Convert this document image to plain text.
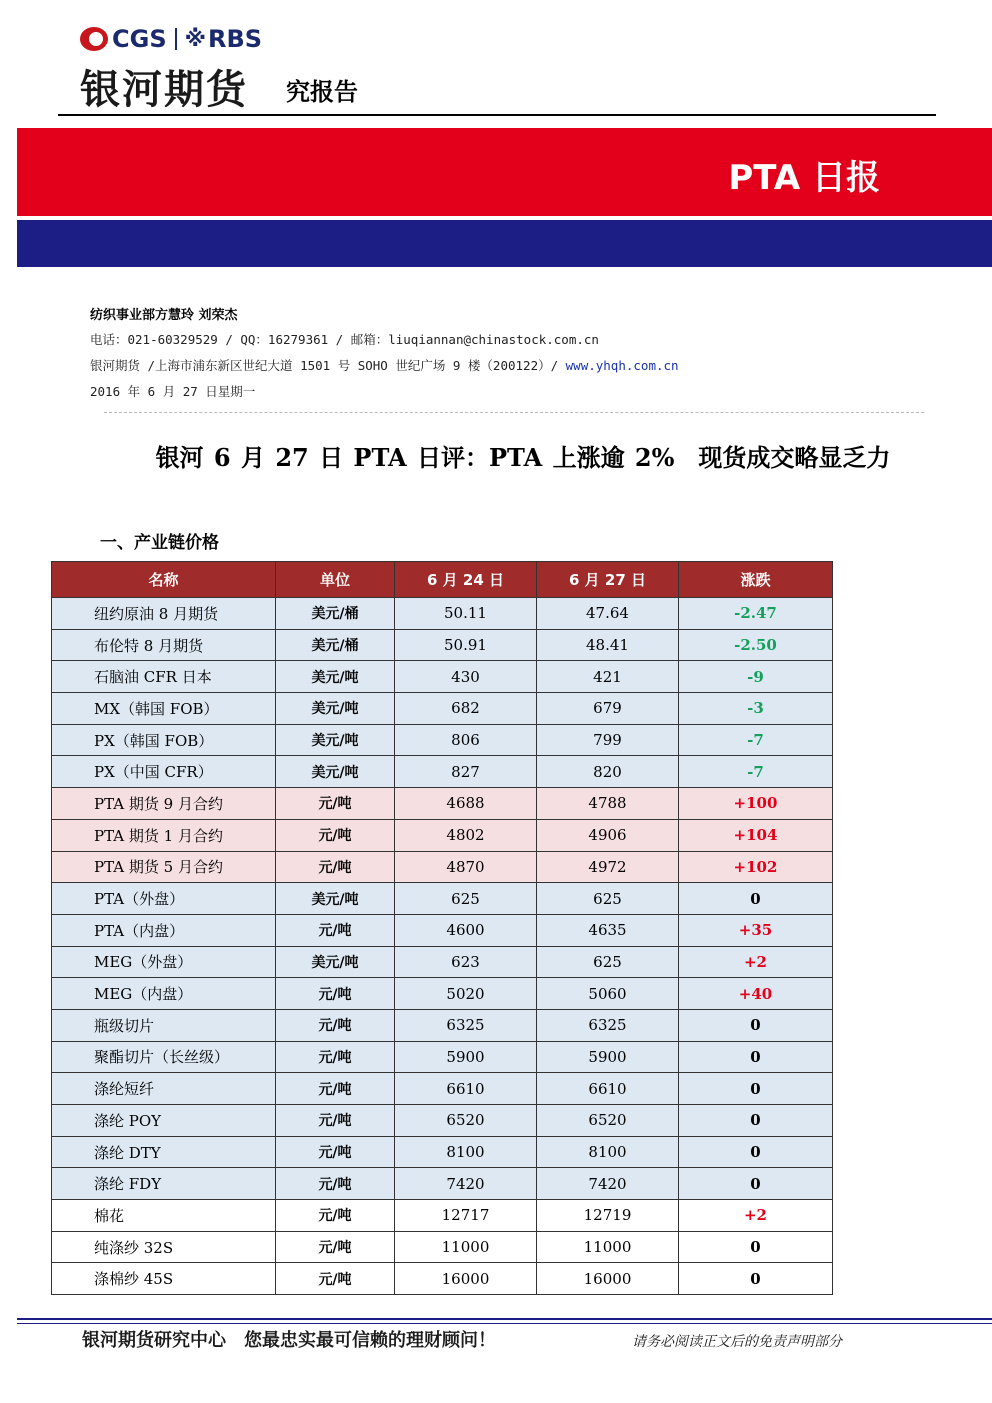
CGS ※ RBS
银河期货 究报告
PTA 日报
纺织事业部方慧玲 刘荣杰
电话：021-60329529 / QQ：16279361 / 邮箱：liuqiannan@chinastock.com.cn
银河期货 /上海市浦东新区世纪大道 1501 号 SOHO 世纪广场 9 楼（200122）/ www.yhqh.com.cn
2016 年 6 月 27 日星期一
银河 6 月 27 日 PTA 日评：PTA 上涨逾 2%　现货成交略显乏力
一、产业链价格
名称	单位	6 月 24 日	6 月 27 日	涨跌
纽约原油 8 月期货	美元/桶	50.11	47.64	-2.47
布伦特 8 月期货	美元/桶	50.91	48.41	-2.50
石脑油 CFR 日本	美元/吨	430	421	-9
MX（韩国 FOB）	美元/吨	682	679	-3
PX（韩国 FOB）	美元/吨	806	799	-7
PX（中国 CFR）	美元/吨	827	820	-7
PTA 期货 9 月合约	元/吨	4688	4788	+100
PTA 期货 1 月合约	元/吨	4802	4906	+104
PTA 期货 5 月合约	元/吨	4870	4972	+102
PTA（外盘）	美元/吨	625	625	0
PTA（内盘）	元/吨	4600	4635	+35
MEG（外盘）	美元/吨	623	625	+2
MEG（内盘）	元/吨	5020	5060	+40
瓶级切片	元/吨	6325	6325	0
聚酯切片（长丝级）	元/吨	5900	5900	0
涤纶短纤	元/吨	6610	6610	0
涤纶 POY	元/吨	6520	6520	0
涤纶 DTY	元/吨	8100	8100	0
涤纶 FDY	元/吨	7420	7420	0
棉花	元/吨	12717	12719	+2
纯涤纱 32S	元/吨	11000	11000	0
涤棉纱 45S	元/吨	16000	16000	0
银河期货研究中心　您最忠实最可信赖的理财顾问！	请务必阅读正文后的免责声明部分
